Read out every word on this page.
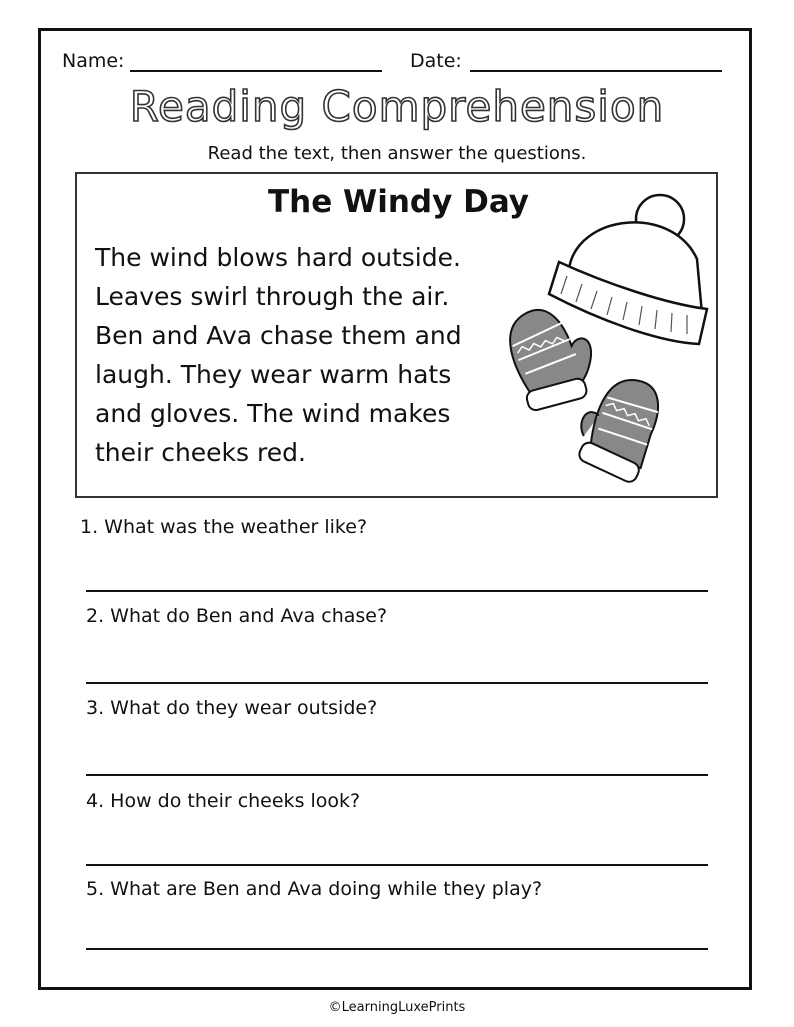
Name:	Date:
Reading Comprehension
Read the text, then answer the questions.
The Windy Day
The wind blows hard outside.
Leaves swirl through the air.
Ben and Ava chase them and
laugh. They wear warm hats
and gloves. The wind makes
their cheeks red.
1. What was the weather like?
2. What do Ben and Ava chase?
3. What do they wear outside?
4. How do their cheeks look?
5. What are Ben and Ava doing while they play?
©LearningLuxePrints
